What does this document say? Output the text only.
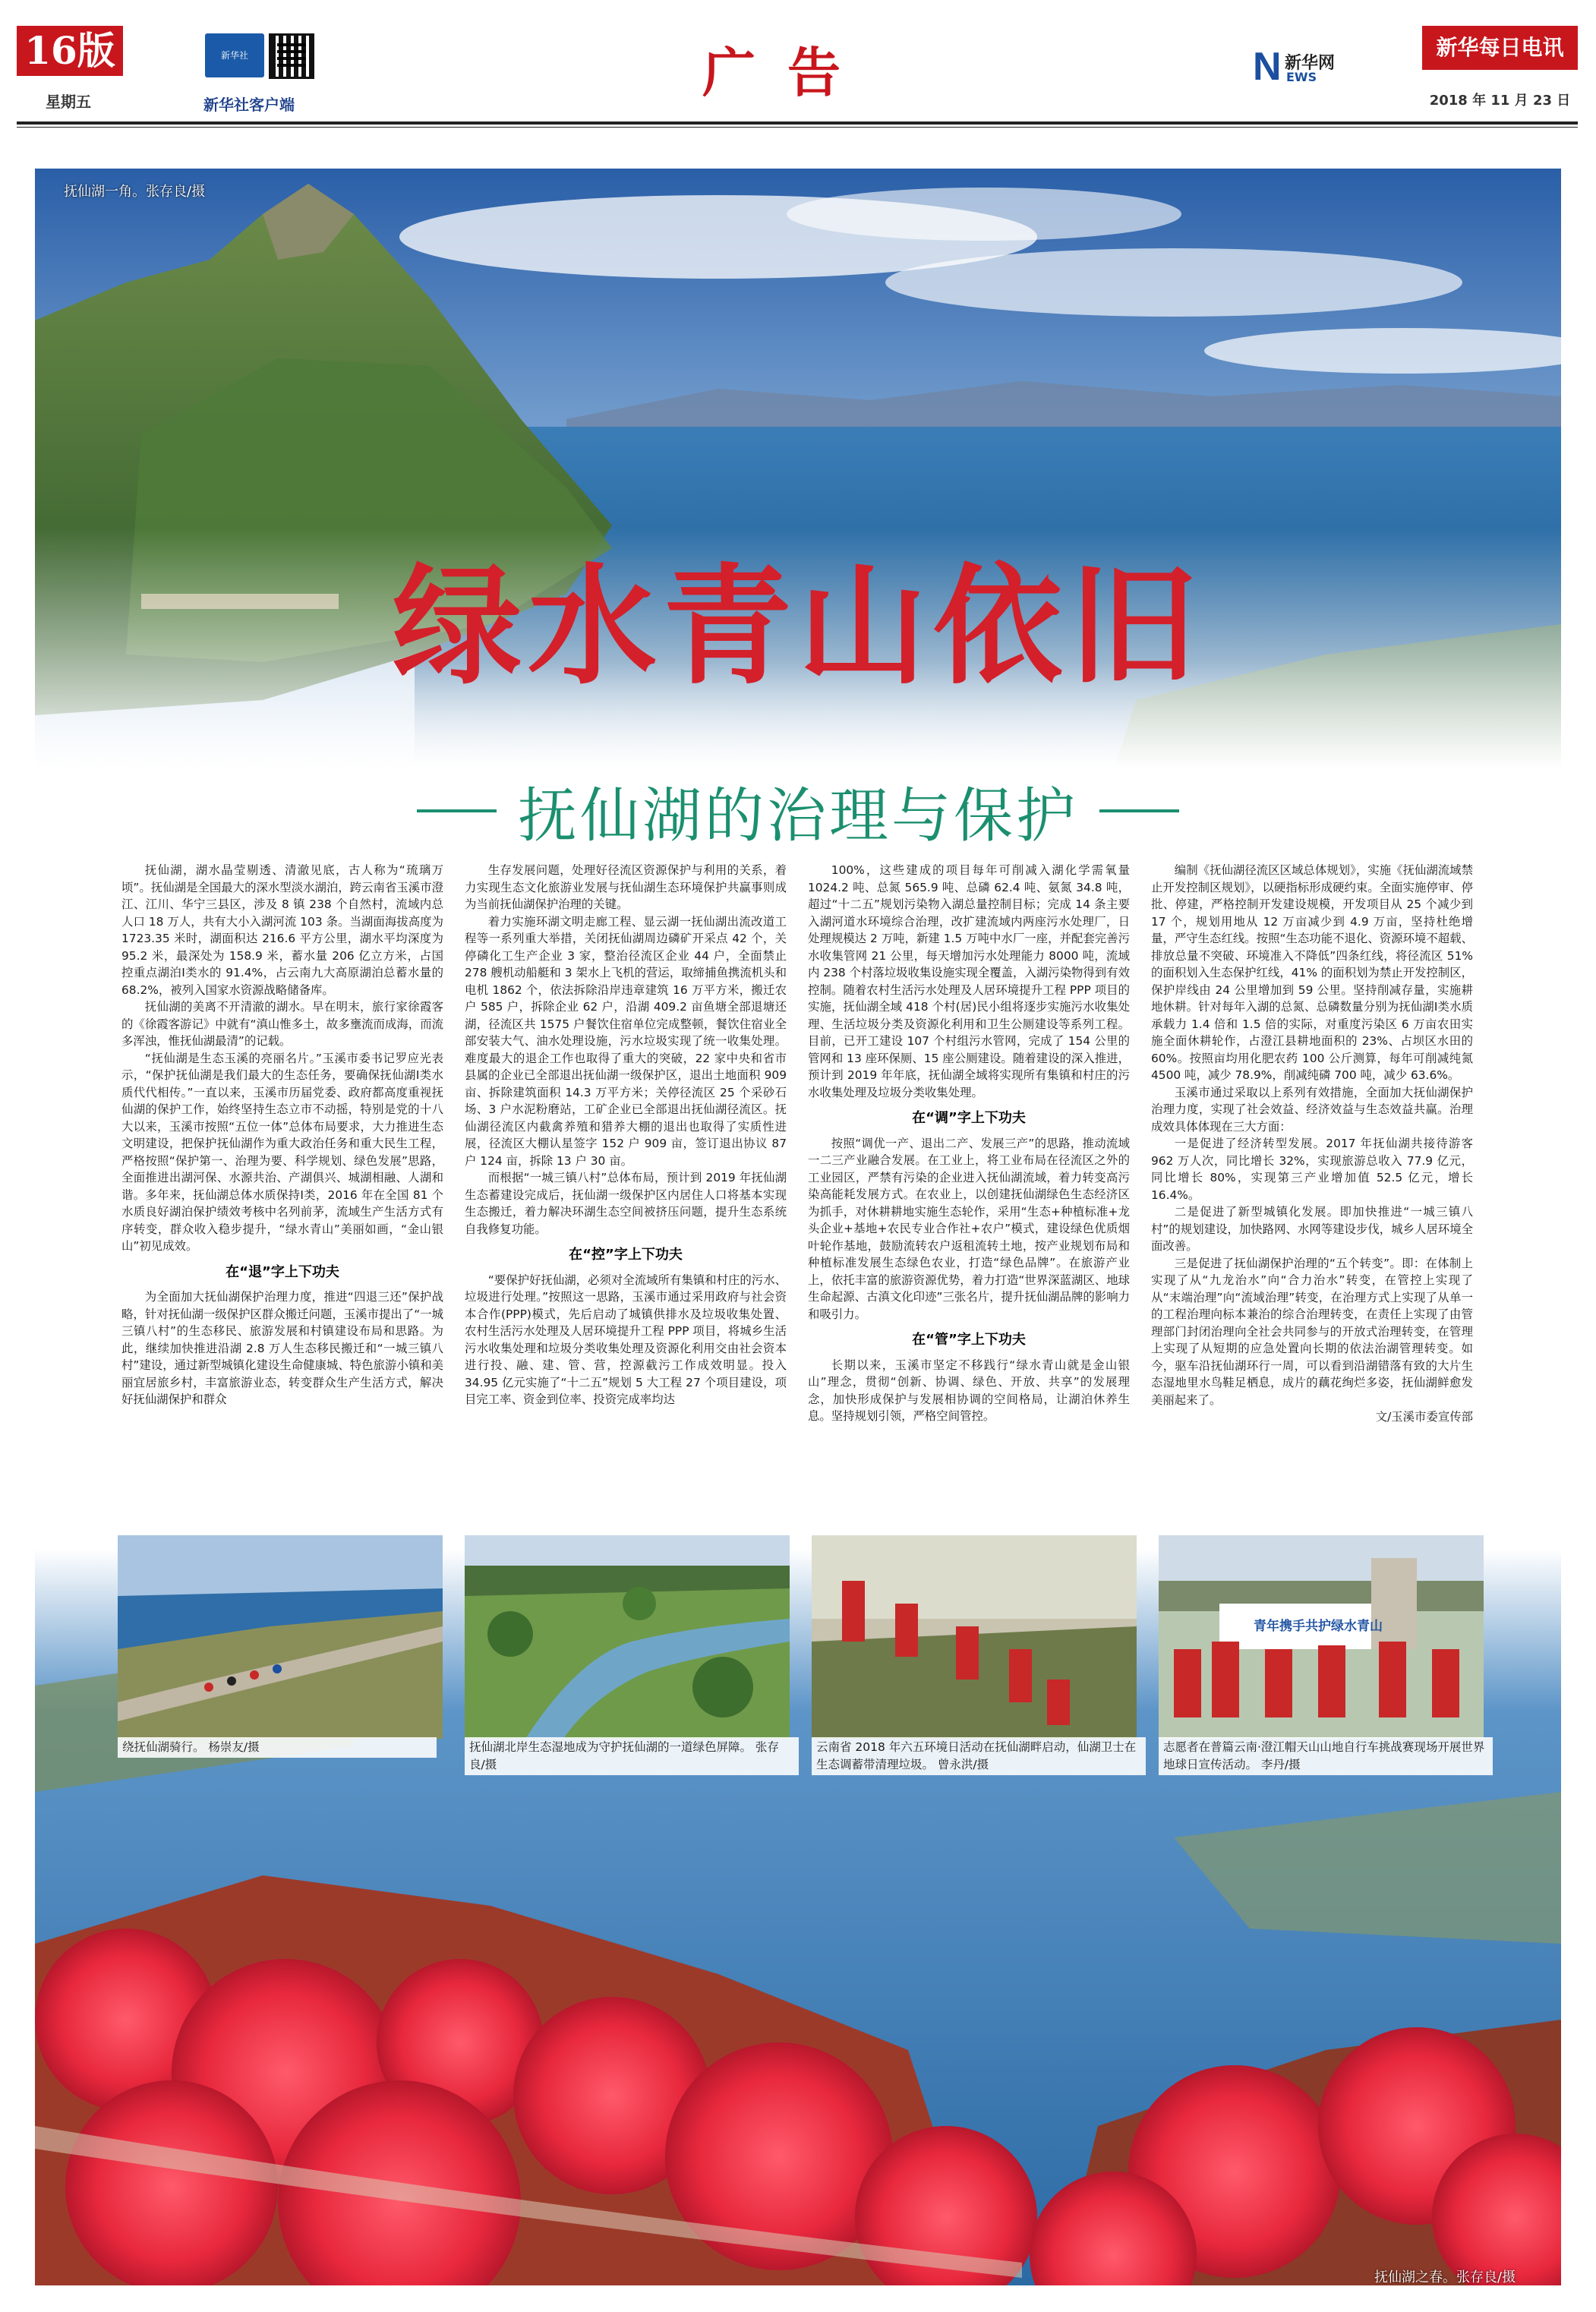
16版
星期五
新华社
新华社客户端
广告	N 新华网
EWS
新华每日电讯
2018 年 11 月 23 日
抚仙湖一角。张存良/摄
绿水青山依旧
抚仙湖的治理与保护

抚仙湖，湖水晶莹剔透、清澈见底，古人称为“琉璃万顷”。抚仙湖是全国最大的深水型淡水湖泊，跨云南省玉溪市澄江、江川、华宁三县区，涉及 8 镇 238 个自然村，流域内总人口 18 万人，共有大小入湖河流 103 条。当湖面海拔高度为 1723.35 米时，湖面积达 216.6 平方公里，湖水平均深度为 95.2 米，最深处为 158.9 米，蓄水量 206 亿立方米，占国控重点湖泊Ⅰ类水的 91.4%，占云南九大高原湖泊总蓄水量的 68.2%，被列入国家水资源战略储备库。

抚仙湖的美离不开清澈的湖水。早在明末，旅行家徐霞客的《徐霞客游记》中就有“滇山惟多土，故多壅流而成海，而流多浑浊，惟抚仙湖最清”的记载。

“抚仙湖是生态玉溪的亮丽名片。”玉溪市委书记罗应光表示，“保护抚仙湖是我们最大的生态任务，要确保抚仙湖Ⅰ类水质代代相传。”一直以来，玉溪市历届党委、政府都高度重视抚仙湖的保护工作，始终坚持生态立市不动摇，特别是党的十八大以来，玉溪市按照“五位一体”总体布局要求，大力推进生态文明建设，把保护抚仙湖作为重大政治任务和重大民生工程，严格按照“保护第一、治理为要、科学规划、绿色发展”思路，全面推进出湖河保、水源共治、产湖俱兴、城湖相融、人湖和谐。多年来，抚仙湖总体水质保持Ⅰ类，2016 年在全国 81 个水质良好湖泊保护绩效考核中名列前茅，流域生产生活方式有序转变，群众收入稳步提升，“绿水青山”美丽如画，“金山银山”初见成效。

在“退”字上下功夫

为全面加大抚仙湖保护治理力度，推进“四退三还”保护战略，针对抚仙湖一级保护区群众搬迁问题，玉溪市提出了“一城三镇八村”的生态移民、旅游发展和村镇建设布局和思路。为此，继续加快推进沿湖 2.8 万人生态移民搬迁和“一城三镇八村”建设，通过新型城镇化建设生命健康城、特色旅游小镇和美丽宜居旅乡村，丰富旅游业态，转变群众生产生活方式，解决好抚仙湖保护和群众

生存发展问题，处理好径流区资源保护与利用的关系，着力实现生态文化旅游业发展与抚仙湖生态环境保护共赢事则成为当前抚仙湖保护治理的关键。

着力实施环湖文明走廊工程、显云湖一抚仙湖出流改道工程等一系列重大举措，关闭抚仙湖周边磷矿开采点 42 个，关停磷化工生产企业 3 家，整治径流区企业 44 户，全面禁止 278 艘机动船艇和 3 架水上飞机的营运，取缔捕鱼携流机头和电机 1862 个，依法拆除沿岸违章建筑 16 万平方米，搬迁农户 585 户，拆除企业 62 户，沿湖 409.2 亩鱼塘全部退塘还湖，径流区共 1575 户餐饮住宿单位完成整顿，餐饮住宿业全部安装大气、油水处理设施，污水垃圾实现了统一收集处理。难度最大的退企工作也取得了重大的突破，22 家中央和省市县属的企业已全部退出抚仙湖一级保护区，退出土地面积 909 亩、拆除建筑面积 14.3 万平方米；关停径流区 25 个采砂石场、3 户水泥粉磨站，工矿企业已全部退出抚仙湖径流区。抚仙湖径流区内截禽养殖和猎养大棚的退出也取得了实质性进展，径流区大棚认星签字 152 户 909 亩，签订退出协议 87 户 124 亩，拆除 13 户 30 亩。

而根据“一城三镇八村”总体布局，预计到 2019 年抚仙湖生态蓄建设完成后，抚仙湖一级保护区内居住人口将基本实现生态搬迁，着力解决环湖生态空间被挤压问题，提升生态系统自我修复功能。

在“控”字上下功夫

“要保护好抚仙湖，必须对全流域所有集镇和村庄的污水、垃圾进行处理。”按照这一思路，玉溪市通过采用政府与社会资本合作(PPP)模式，先后启动了城镇供排水及垃圾收集处置、农村生活污水处理及人居环境提升工程 PPP 项目，将城乡生活污水收集处理和垃圾分类收集处理及资源化利用交由社会资本进行投、融、建、管、营，控源截污工作成效明显。投入 34.95 亿元实施了“十二五”规划 5 大工程 27 个项目建设，项目完工率、资金到位率、投资完成率均达

100%，这些建成的项目每年可削减入湖化学需氧量 1024.2 吨、总氮 565.9 吨、总磷 62.4 吨、氨氮 34.8 吨，超过“十二五”规划污染物入湖总量控制目标；完成 14 条主要入湖河道水环境综合治理，改扩建流域内两座污水处理厂，日处理规模达 2 万吨，新建 1.5 万吨中水厂一座，并配套完善污水收集管网 21 公里，每天增加污水处理能力 8000 吨，流域内 238 个村落垃圾收集设施实现全覆盖，入湖污染物得到有效控制。随着农村生活污水处理及人居环境提升工程 PPP 项目的实施，抚仙湖全域 418 个村(居)民小组将逐步实施污水收集处理、生活垃圾分类及资源化利用和卫生公厕建设等系列工程。目前，已开工建设 107 个村组污水管网，完成了 154 公里的管网和 13 座环保厕、15 座公厕建设。随着建设的深入推进，预计到 2019 年年底，抚仙湖全域将实现所有集镇和村庄的污水收集处理及垃圾分类收集处理。

在“调”字上下功夫

按照“调优一产、退出二产、发展三产”的思路，推动流域一二三产业融合发展。在工业上，将工业布局在径流区之外的工业园区，严禁有污染的企业进入抚仙湖流域，着力转变高污染高能耗发展方式。在农业上，以创建抚仙湖绿色生态经济区为抓手，对休耕耕地实施生态轮作，采用“生态+种植标准+龙头企业+基地+农民专业合作社+农户”模式，建设绿色优质烟叶轮作基地，鼓励流转农户返租流转土地，按产业规划布局和种植标准发展生态绿色农业，打造“绿色品牌”。在旅游产业上，依托丰富的旅游资源优势，着力打造“世界深蓝湖区、地球生命起源、古滇文化印迹”三张名片，提升抚仙湖品牌的影响力和吸引力。

在“管”字上下功夫

长期以来，玉溪市坚定不移践行“绿水青山就是金山银山”理念，贯彻“创新、协调、绿色、开放、共享”的发展理念，加快形成保护与发展相协调的空间格局，让湖泊休养生息。坚持规划引领，严格空间管控。

编制《抚仙湖径流区区域总体规划》，实施《抚仙湖流域禁止开发控制区规划》，以硬指标形成硬约束。全面实施停审、停批、停建，严格控制开发建设规模，开发项目从 25 个减少到 17 个，规划用地从 12 万亩减少到 4.9 万亩，坚持杜绝增量，严守生态红线。按照“生态功能不退化、资源环境不超载、排放总量不突破、环境准入不降低”四条红线，将径流区 51% 的面积划入生态保护红线，41% 的面积划为禁止开发控制区，保护岸线由 24 公里增加到 59 公里。坚持削减存量，实施耕地休耕。针对每年入湖的总氮、总磷数量分别为抚仙湖Ⅰ类水质承载力 1.4 倍和 1.5 倍的实际，对重度污染区 6 万亩农田实施全面休耕轮作，占澄江县耕地面积的 23%、占坝区水田的 60%。按照亩均用化肥农药 100 公斤测算，每年可削减纯氮 4500 吨，减少 78.9%，削减纯磷 700 吨，减少 63.6%。

玉溪市通过采取以上系列有效措施，全面加大抚仙湖保护治理力度，实现了社会效益、经济效益与生态效益共赢。治理成效具体体现在三大方面：

一是促进了经济转型发展。2017 年抚仙湖共接待游客 962 万人次，同比增长 32%，实现旅游总收入 77.9 亿元，同比增长 80%，实现第三产业增加值 52.5 亿元，增长 16.4%。

二是促进了新型城镇化发展。即加快推进“一城三镇八村”的规划建设，加快路网、水网等建设步伐，城乡人居环境全面改善。

三是促进了抚仙湖保护治理的“五个转变”。即：在体制上实现了从“九龙治水”向“合力治水”转变，在管控上实现了从“末端治理”向“流域治理”转变，在治理方式上实现了从单一的工程治理向标本兼治的综合治理转变，在责任上实现了由管理部门封闭治理向全社会共同参与的开放式治理转变，在管理上实现了从短期的应急处置向长期的依法治湖管理转变。如今，驱车沿抚仙湖环行一周，可以看到沿湖错落有致的大片生态湿地里水鸟鞋足栖息，成片的藕花绚烂多姿，抚仙湖鲜愈发美丽起来了。

文/玉溪市委宣传部

抚仙湖之春。张存良/摄
青年携手共护绿水青山
绕抚仙湖骑行。 杨崇友/摄	抚仙湖北岸生态湿地成为守护抚仙湖的一道绿色屏障。 张存良/摄
云南省 2018 年六五环境日活动在抚仙湖畔启动，仙湖卫士在生态调蓄带清理垃圾。 曾永洪/摄
志愿者在普篇云南·澄江帽天山山地自行车挑战赛现场开展世界地球日宣传活动。 李丹/摄
